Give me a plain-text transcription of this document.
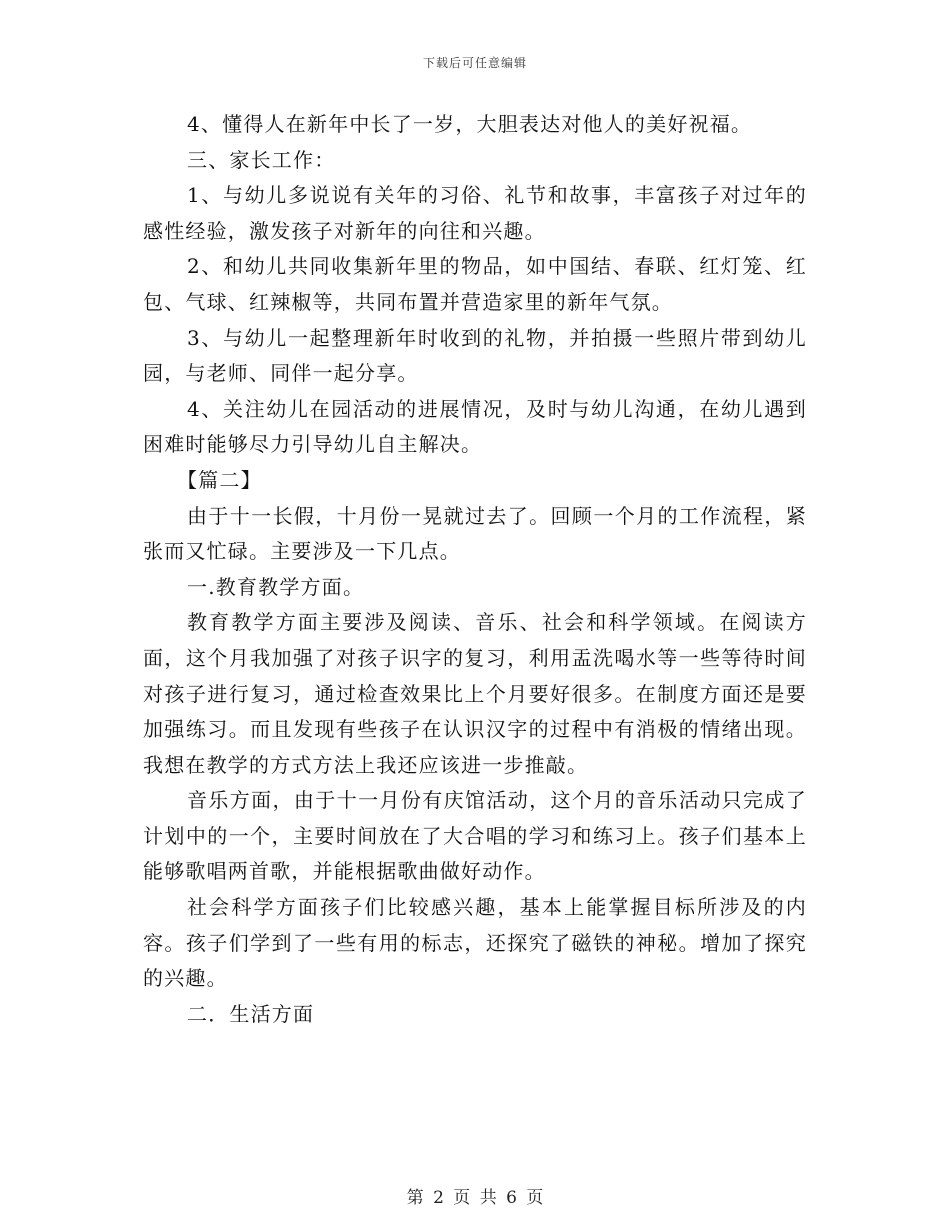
下载后可任意编辑

4、懂得人在新年中长了一岁，大胆表达对他人的美好祝福。

三、家长工作：

1、与幼儿多说说有关年的习俗、礼节和故事，丰富孩子对过年的感性经验，激发孩子对新年的向往和兴趣。

2、和幼儿共同收集新年里的物品，如中国结、春联、红灯笼、红包、气球、红辣椒等，共同布置并营造家里的新年气氛。

3、与幼儿一起整理新年时收到的礼物，并拍摄一些照片带到幼儿园，与老师、同伴一起分享。

4、关注幼儿在园活动的进展情况，及时与幼儿沟通，在幼儿遇到困难时能够尽力引导幼儿自主解决。

【篇二】

由于十一长假，十月份一晃就过去了。回顾一个月的工作流程，紧张而又忙碌。主要涉及一下几点。

一.教育教学方面。

教育教学方面主要涉及阅读、音乐、社会和科学领域。在阅读方面，这个月我加强了对孩子识字的复习，利用盂洗喝水等一些等待时间对孩子进行复习，通过检查效果比上个月要好很多。在制度方面还是要加强练习。而且发现有些孩子在认识汉字的过程中有消极的情绪出现。我想在教学的方式方法上我还应该进一步推敲。

音乐方面，由于十一月份有庆馆活动，这个月的音乐活动只完成了计划中的一个，主要时间放在了大合唱的学习和练习上。孩子们基本上能够歌唱两首歌，并能根据歌曲做好动作。

社会科学方面孩子们比较感兴趣，基本上能掌握目标所涉及的内容。孩子们学到了一些有用的标志，还探究了磁铁的神秘。增加了探究的兴趣。

二．生活方面

第 2 页 共 6 页
